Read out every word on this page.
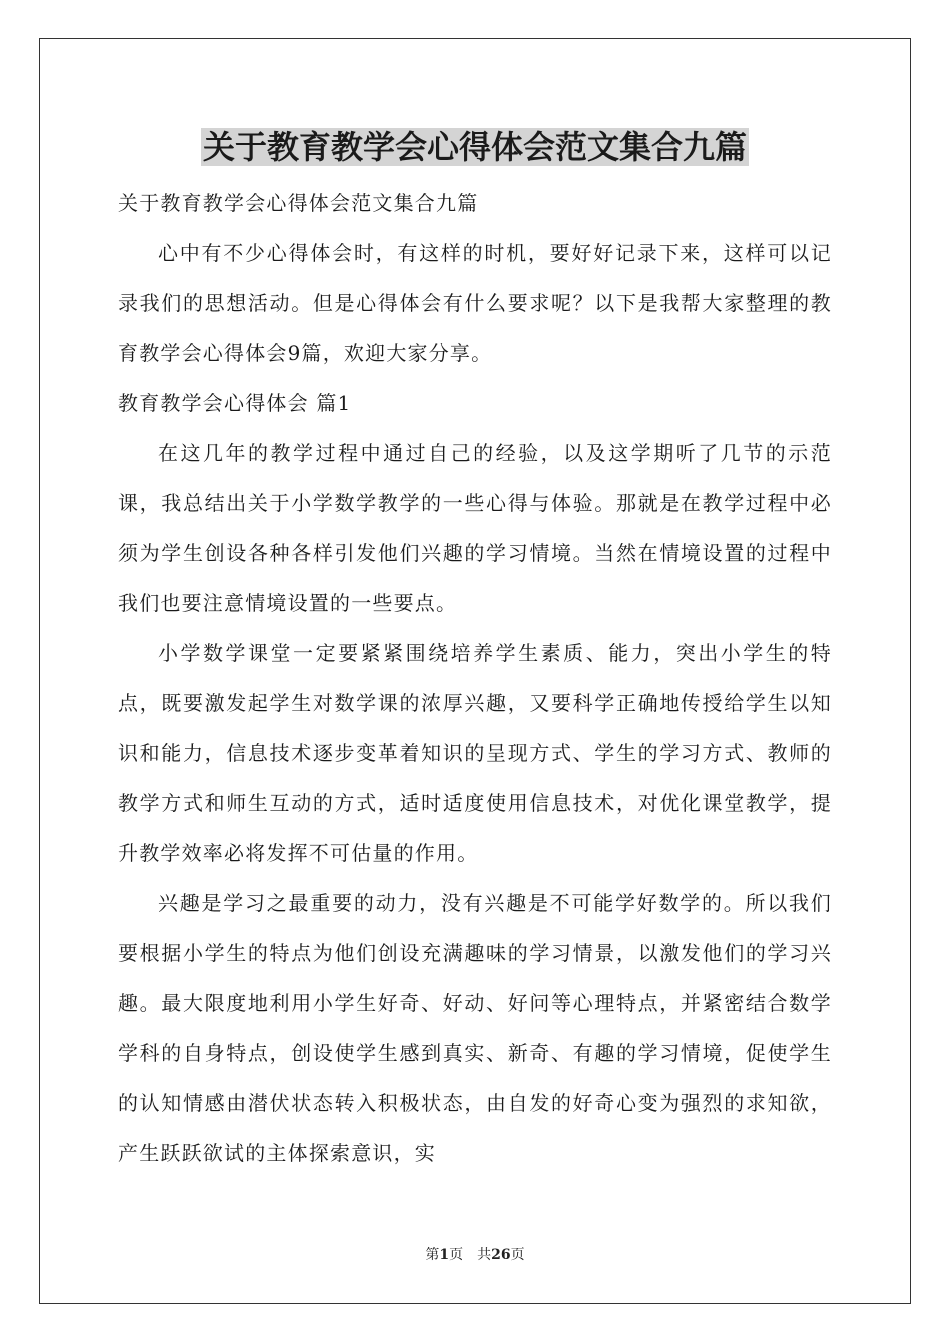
关于教育教学会心得体会范文集合九篇

关于教育教学会心得体会范文集合九篇

心中有不少心得体会时，有这样的时机，要好好记录下来，这样可以记录我们的思想活动。但是心得体会有什么要求呢？以下是我帮大家整理的教育教学会心得体会9篇，欢迎大家分享。

教育教学会心得体会 篇1

在这几年的教学过程中通过自己的经验，以及这学期听了几节的示范课，我总结出关于小学数学教学的一些心得与体验。那就是在教学过程中必须为学生创设各种各样引发他们兴趣的学习情境。当然在情境设置的过程中我们也要注意情境设置的一些要点。

小学数学课堂一定要紧紧围绕培养学生素质、能力，突出小学生的特点，既要激发起学生对数学课的浓厚兴趣，又要科学正确地传授给学生以知识和能力，信息技术逐步变革着知识的呈现方式、学生的学习方式、教师的教学方式和师生互动的方式，适时适度使用信息技术，对优化课堂教学，提升教学效率必将发挥不可估量的作用。

兴趣是学习之最重要的动力，没有兴趣是不可能学好数学的。所以我们要根据小学生的特点为他们创设充满趣味的学习情景，以激发他们的学习兴趣。最大限度地利用小学生好奇、好动、好问等心理特点，并紧密结合数学学科的自身特点，创设使学生感到真实、新奇、有趣的学习情境，促使学生的认知情感由潜伏状态转入积极状态，由自发的好奇心变为强烈的求知欲，产生跃跃欲试的主体探索意识，实

第1页 共26页
